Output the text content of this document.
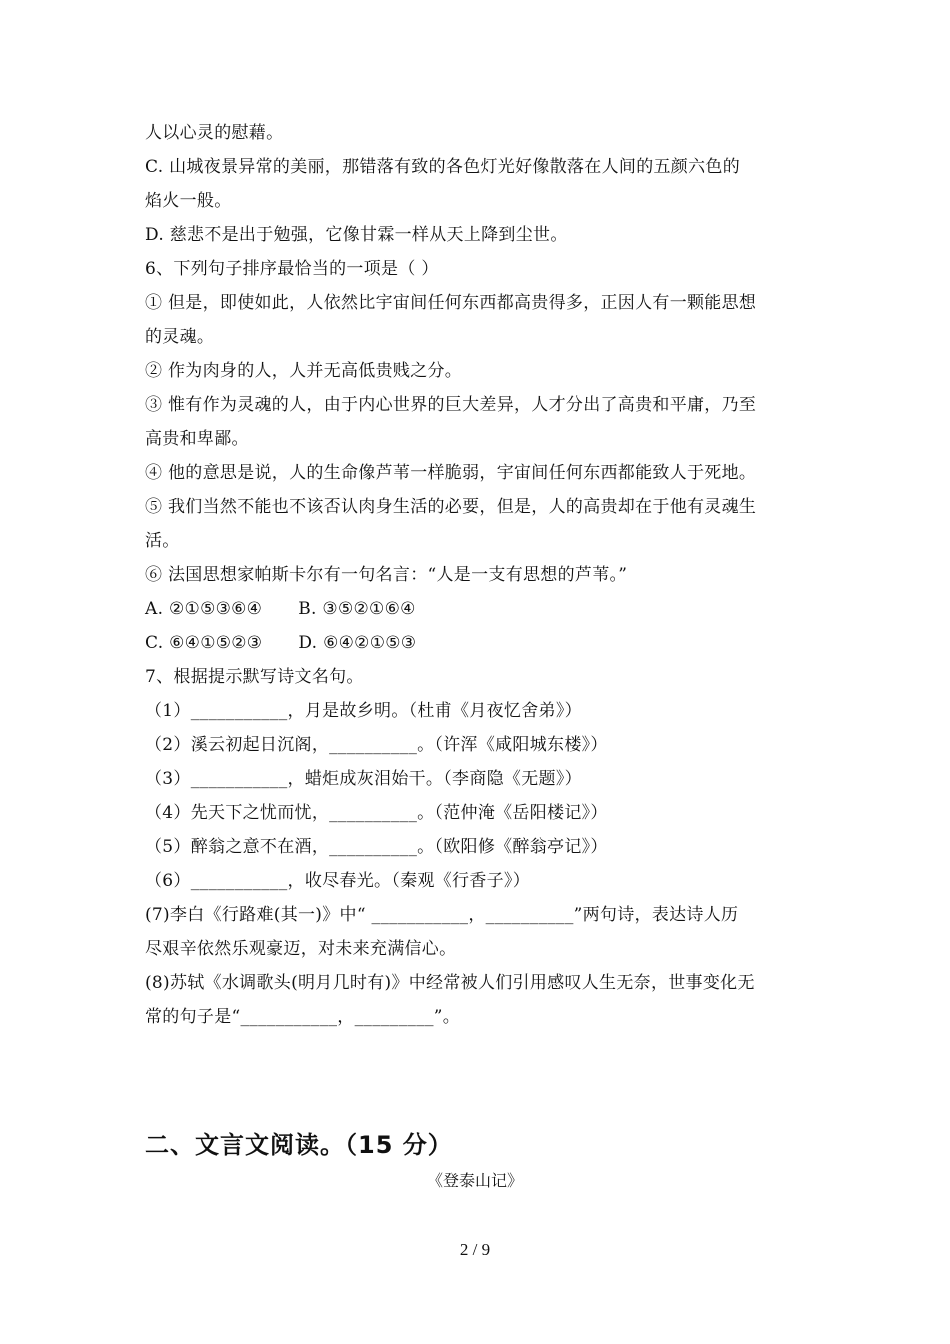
人以心灵的慰藉。
C. 山城夜景异常的美丽，那错落有致的各色灯光好像散落在人间的五颜六色的
焰火一般。
D. 慈悲不是出于勉强，它像甘霖一样从天上降到尘世。
6、下列句子排序最恰当的一项是（ ）
① 但是，即使如此，人依然比宇宙间任何东西都高贵得多，正因人有一颗能思想
的灵魂。
② 作为肉身的人，人并无高低贵贱之分。
③ 惟有作为灵魂的人，由于内心世界的巨大差异，人才分出了高贵和平庸，乃至
高贵和卑鄙。
④ 他的意思是说，人的生命像芦苇一样脆弱，宇宙间任何东西都能致人于死地。
⑤ 我们当然不能也不该否认肉身生活的必要，但是，人的高贵却在于他有灵魂生
活。
⑥ 法国思想家帕斯卡尔有一句名言：“人是一支有思想的芦苇。”
A. ②①⑤③⑥④ B. ③⑤②①⑥④
C. ⑥④①⑤②③ D. ⑥④②①⑤③
7、根据提示默写诗文名句。
（1）___________，月是故乡明。（杜甫《月夜忆舍弟》）
（2）溪云初起日沉阁，__________。（许浑《咸阳城东楼》）
（3）___________，蜡炬成灰泪始干。（李商隐《无题》）
（4）先天下之忧而忧，__________。（范仲淹《岳阳楼记》）
（5）醉翁之意不在酒，__________。（欧阳修《醉翁亭记》）
（6）___________，收尽春光。（秦观《行香子》）
(7)李白《行路难(其一)》中“ ___________，__________”两句诗，表达诗人历
尽艰辛依然乐观豪迈，对未来充满信心。
(8)苏轼《水调歌头(明月几时有)》中经常被人们引用感叹人生无奈，世事变化无
常的句子是“___________，_________”。
二、文言文阅读。（15 分）
《登泰山记》
2 / 9
